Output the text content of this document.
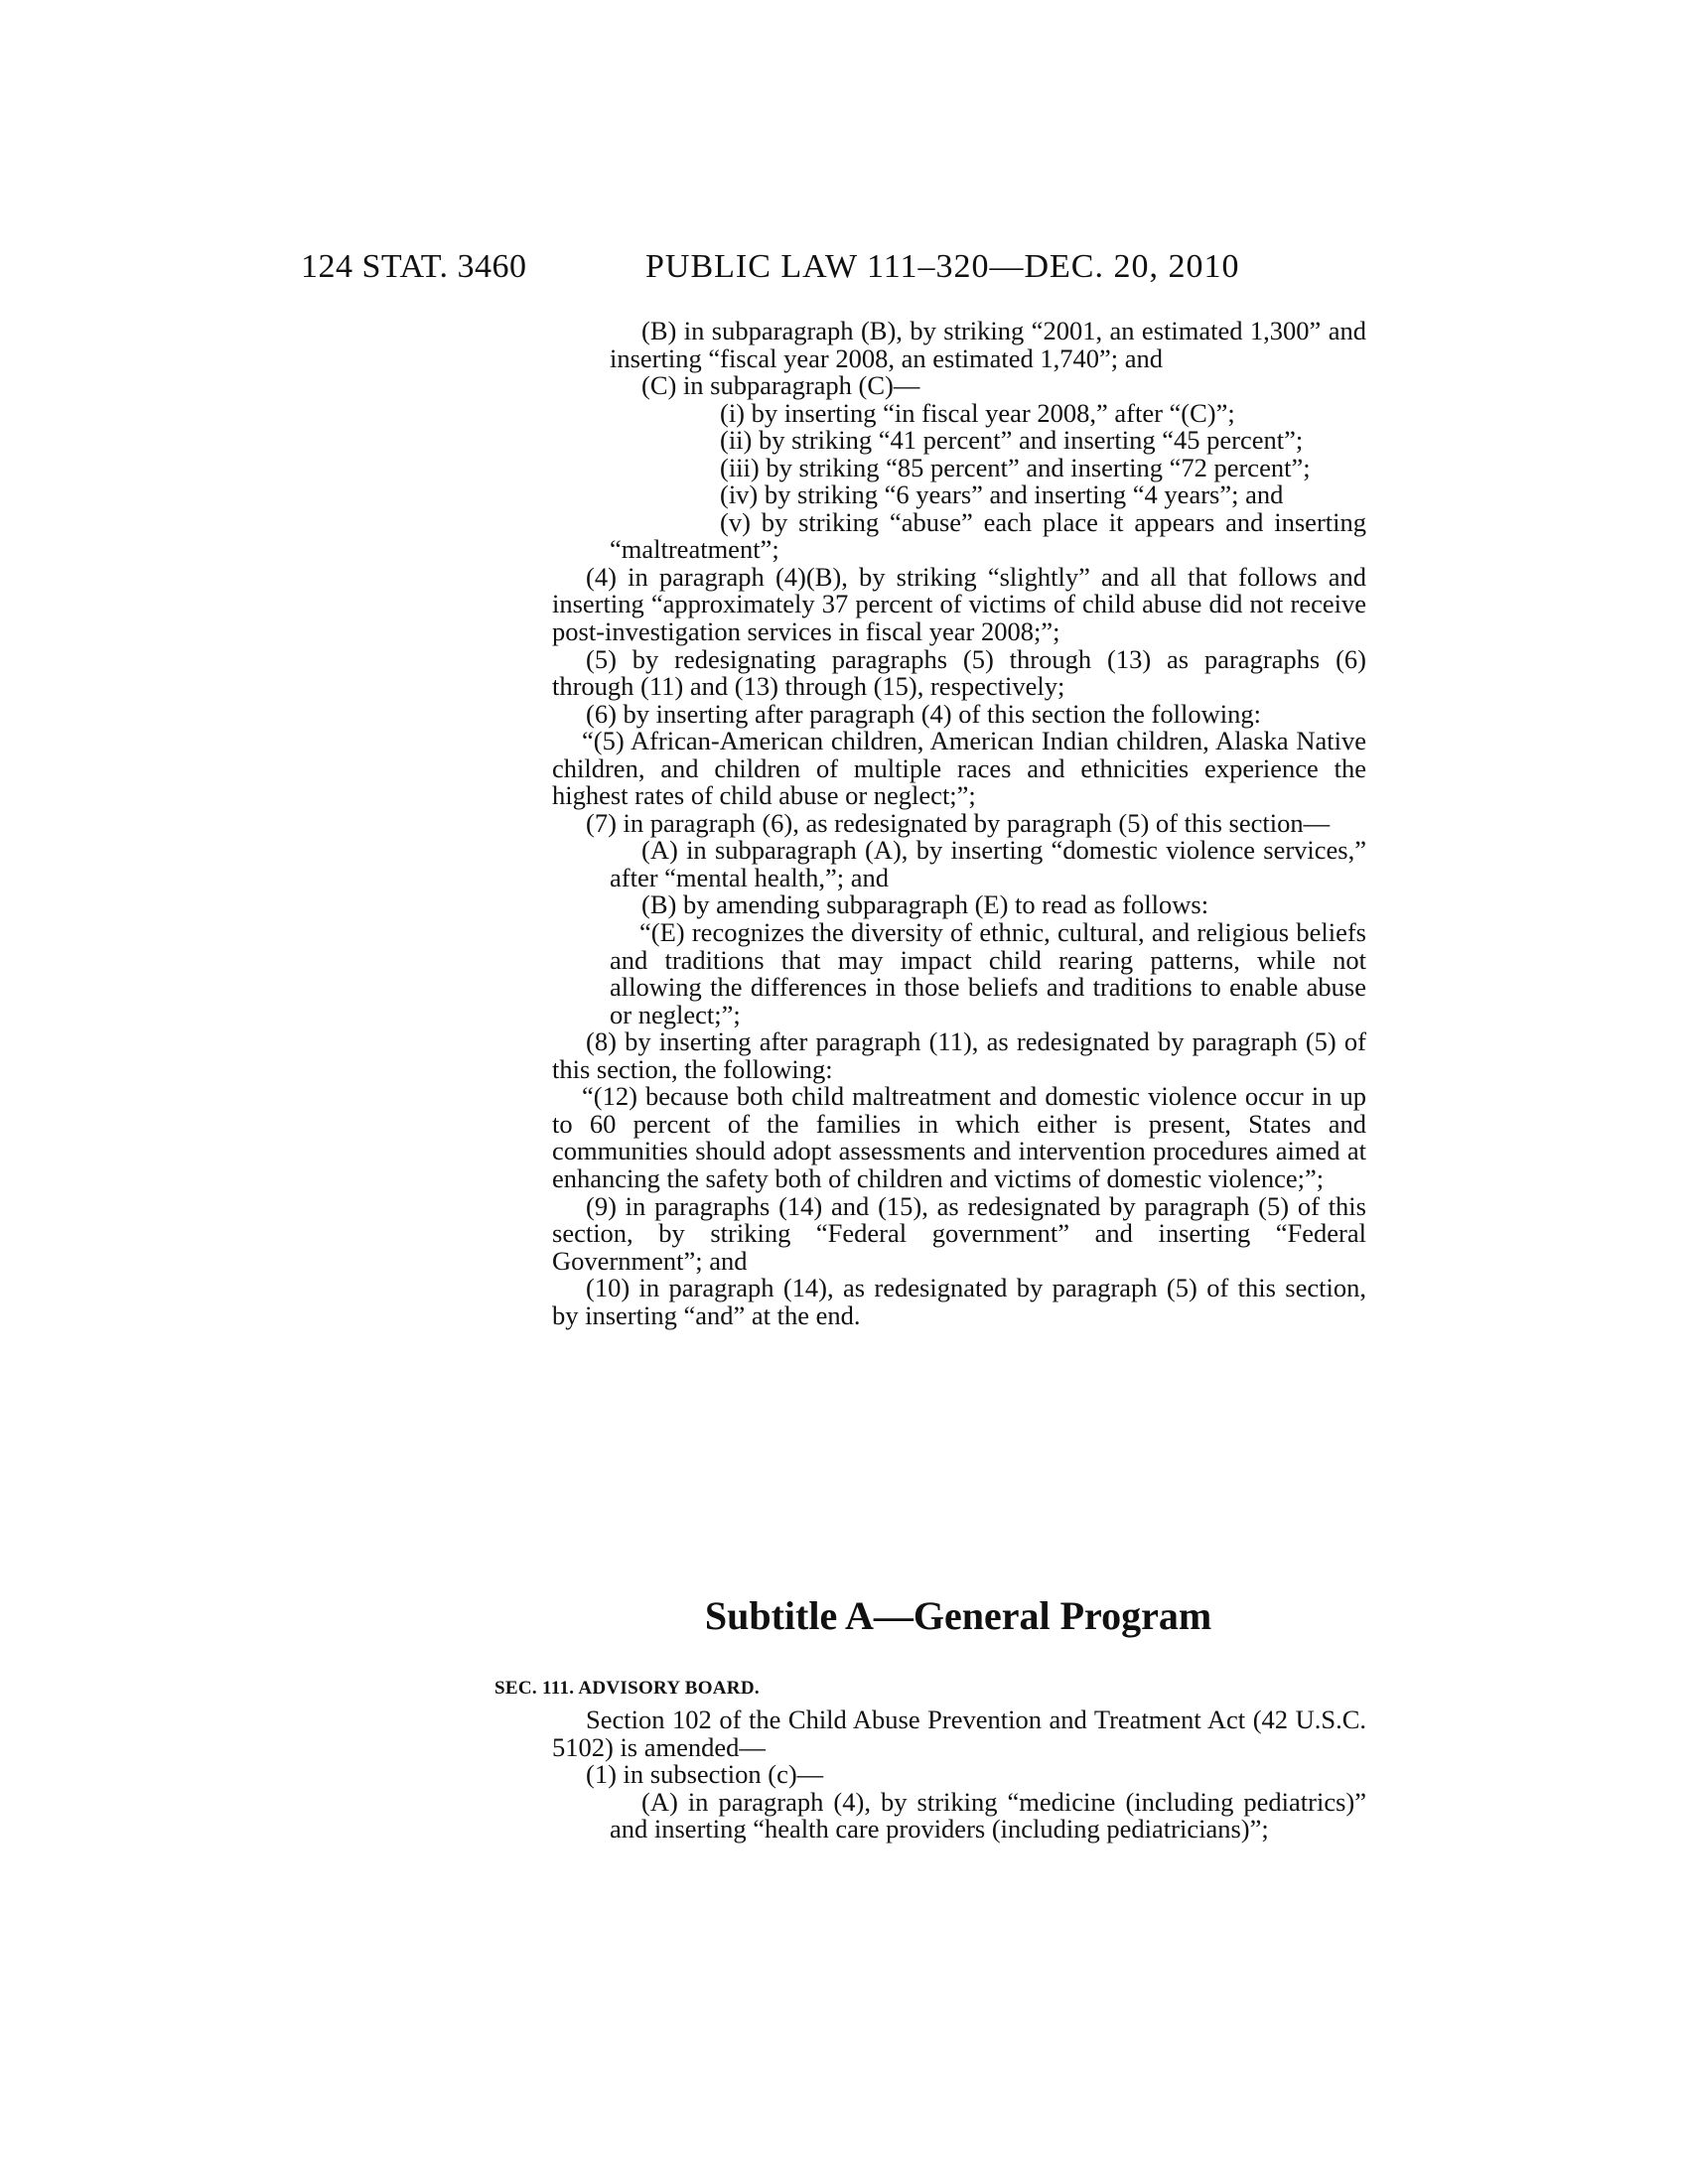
124 STAT. 3460	PUBLIC LAW 111–320—DEC. 20, 2010

(B) in subparagraph (B), by striking “2001, an estimated 1,300” and inserting “fiscal year 2008, an estimated 1,740”; and

(C) in subparagraph (C)—

(i) by inserting “in fiscal year 2008,” after “(C)”;

(ii) by striking “41 percent” and inserting “45 percent”;

(iii) by striking “85 percent” and inserting “72 percent”;

(iv) by striking “6 years” and inserting “4 years”; and

(v) by striking “abuse” each place it appears and inserting “maltreatment”;

(4) in paragraph (4)(B), by striking “slightly” and all that follows and inserting “approximately 37 percent of victims of child abuse did not receive post-investigation services in fiscal year 2008;”;

(5) by redesignating paragraphs (5) through (13) as paragraphs (6) through (11) and (13) through (15), respectively;

(6) by inserting after paragraph (4) of this section the following:

“(5) African-American children, American Indian children, Alaska Native children, and children of multiple races and ethnicities experience the highest rates of child abuse or neglect;”;

(7) in paragraph (6), as redesignated by paragraph (5) of this section—

(A) in subparagraph (A), by inserting “domestic violence services,” after “mental health,”; and

(B) by amending subparagraph (E) to read as follows:

“(E) recognizes the diversity of ethnic, cultural, and religious beliefs and traditions that may impact child rearing patterns, while not allowing the differences in those beliefs and traditions to enable abuse or neglect;”;

(8) by inserting after paragraph (11), as redesignated by paragraph (5) of this section, the following:

“(12) because both child maltreatment and domestic violence occur in up to 60 percent of the families in which either is present, States and communities should adopt assessments and intervention procedures aimed at enhancing the safety both of children and victims of domestic violence;”;

(9) in paragraphs (14) and (15), as redesignated by paragraph (5) of this section, by striking “Federal government” and inserting “Federal Government”; and

(10) in paragraph (14), as redesignated by paragraph (5) of this section, by inserting “and” at the end.

Subtitle A—General Program
SEC. 111. ADVISORY BOARD.

Section 102 of the Child Abuse Prevention and Treatment Act (42 U.S.C. 5102) is amended—

(1) in subsection (c)—

(A) in paragraph (4), by striking “medicine (including pediatrics)” and inserting “health care providers (including pediatricians)”;
